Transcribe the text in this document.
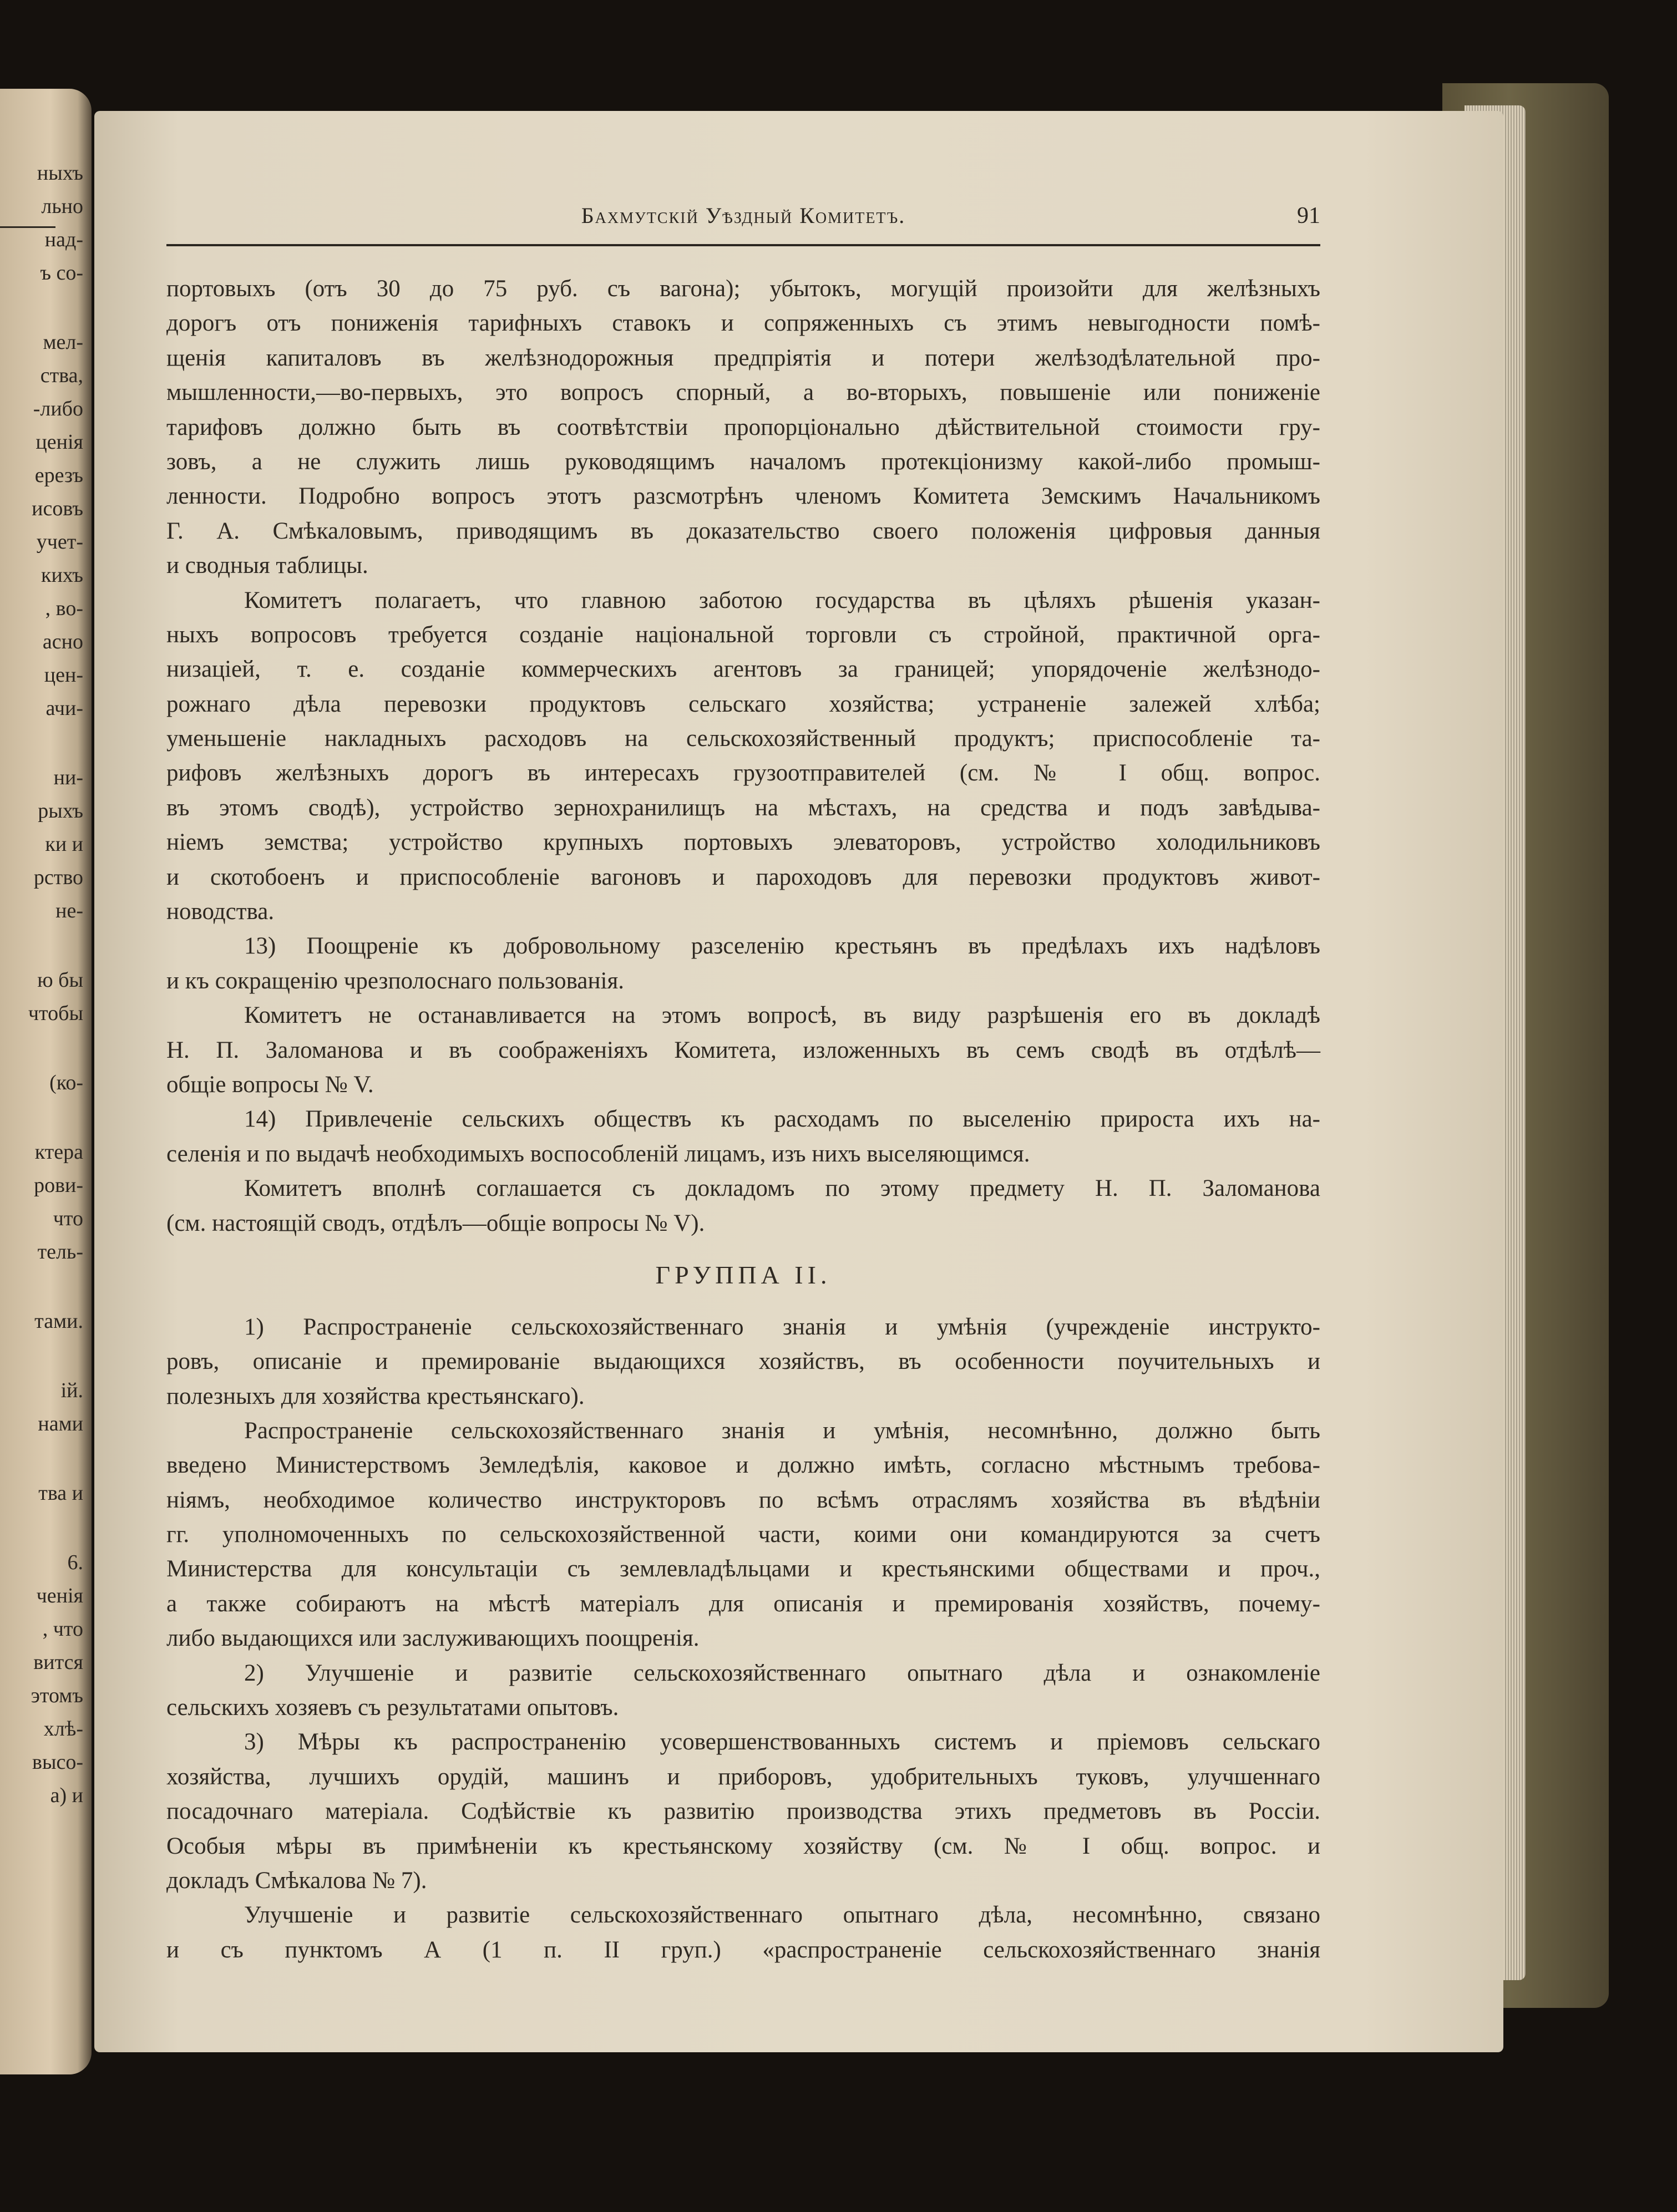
ныхъ
льно
над-
ъ со-
мел-
ства,
-либо
ценія
ерезъ
исовъ
учет-
кихъ
, во-
асно
цен-
ачи-
ни-
рыхъ
ки и
рство
не-
ю бы
чтобы
(ко-
ктера
рови-
что
тель-
тами.
ій.
нами
тва и
6.
ченія
, что
вится
этомъ
хлѣ-
высо-
а) и
Бахмутскій Уѣздный Комитетъ.	91
портовыхъ (отъ 30 до 75 руб. съ вагона); убытокъ, могущій произойти для желѣзныхъ
дорогъ отъ пониженія тарифныхъ ставокъ и сопряженныхъ съ этимъ невыгодности помѣ-
щенія капиталовъ въ желѣзнодорожныя предпріятія и потери желѣзодѣлательной про-
мышленности,—во-первыхъ, это вопросъ спорный, а во-вторыхъ, повышеніе или пониженіе
тарифовъ должно быть въ соотвѣтствіи пропорціонально дѣйствительной стоимости гру-
зовъ, а не служить лишь руководящимъ началомъ протекціонизму какой-либо промыш-
ленности. Подробно вопросъ этотъ разсмотрѣнъ членомъ Комитета Земскимъ Начальникомъ
Г. А. Смѣкаловымъ, приводящимъ въ доказательство своего положенія цифровыя данныя
и сводныя таблицы.
Комитетъ полагаетъ, что главною заботою государства въ цѣляхъ рѣшенія указан-
ныхъ вопросовъ требуется созданіе національной торговли съ стройной, практичной орга-
низаціей, т. е. созданіе коммерческихъ агентовъ за границей; упорядоченіе желѣзнодо-
рожнаго дѣла перевозки продуктовъ сельскаго хозяйства; устраненіе залежей хлѣба;
уменьшеніе накладныхъ расходовъ на сельскохозяйственный продуктъ; приспособленіе та-
рифовъ желѣзныхъ дорогъ въ интересахъ грузоотправителей (см. № I общ. вопрос.
въ этомъ сводѣ), устройство зернохранилищъ на мѣстахъ, на средства и подъ завѣдыва-
ніемъ земства; устройство крупныхъ портовыхъ элеваторовъ, устройство холодильниковъ
и скотобоенъ и приспособленіе вагоновъ и пароходовъ для перевозки продуктовъ живот-
новодства.
13) Поощреніе къ добровольному разселенію крестьянъ въ предѣлахъ ихъ надѣловъ
и къ сокращенію чрезполоснаго пользованія.
Комитетъ не останавливается на этомъ вопросѣ, въ виду разрѣшенія его въ докладѣ
Н. П. Заломанова и въ соображеніяхъ Комитета, изложенныхъ въ семъ сводѣ въ отдѣлѣ—
общіе вопросы № V.
14) Привлеченіе сельскихъ обществъ къ расходамъ по выселенію прироста ихъ на-
селенія и по выдачѣ необходимыхъ воспособленій лицамъ, изъ нихъ выселяющимся.
Комитетъ вполнѣ соглашается съ докладомъ по этому предмету Н. П. Заломанова
(см. настоящій сводъ, отдѣлъ—общіе вопросы № V).
ГРУППА II.
1) Распространеніе сельскохозяйственнаго знанія и умѣнія (учрежденіе инструкто-
ровъ, описаніе и премированіе выдающихся хозяйствъ, въ особенности поучительныхъ и
полезныхъ для хозяйства крестьянскаго).
Распространеніе сельскохозяйственнаго знанія и умѣнія, несомнѣнно, должно быть
введено Министерствомъ Земледѣлія, каковое и должно имѣть, согласно мѣстнымъ требова-
ніямъ, необходимое количество инструкторовъ по всѣмъ отраслямъ хозяйства въ вѣдѣніи
гг. уполномоченныхъ по сельскохозяйственной части, коими они командируются за счетъ
Министерства для консультаціи съ землевладѣльцами и крестьянскими обществами и проч.,
а также собираютъ на мѣстѣ матеріалъ для описанія и премированія хозяйствъ, почему-
либо выдающихся или заслуживающихъ поощренія.
2) Улучшеніе и развитіе сельскохозяйственнаго опытнаго дѣла и ознакомленіе
сельскихъ хозяевъ съ результатами опытовъ.
3) Мѣры къ распространенію усовершенствованныхъ системъ и пріемовъ сельскаго
хозяйства, лучшихъ орудій, машинъ и приборовъ, удобрительныхъ туковъ, улучшеннаго
посадочнаго матеріала. Содѣйствіе къ развитію производства этихъ предметовъ въ Россіи.
Особыя мѣры въ примѣненіи къ крестьянскому хозяйству (см. № I общ. вопрос. и
докладъ Смѣкалова № 7).
Улучшеніе и развитіе сельскохозяйственнаго опытнаго дѣла, несомнѣнно, связано
и съ пунктомъ А (1 п. II груп.) «распространеніе сельскохозяйственнаго знанія
